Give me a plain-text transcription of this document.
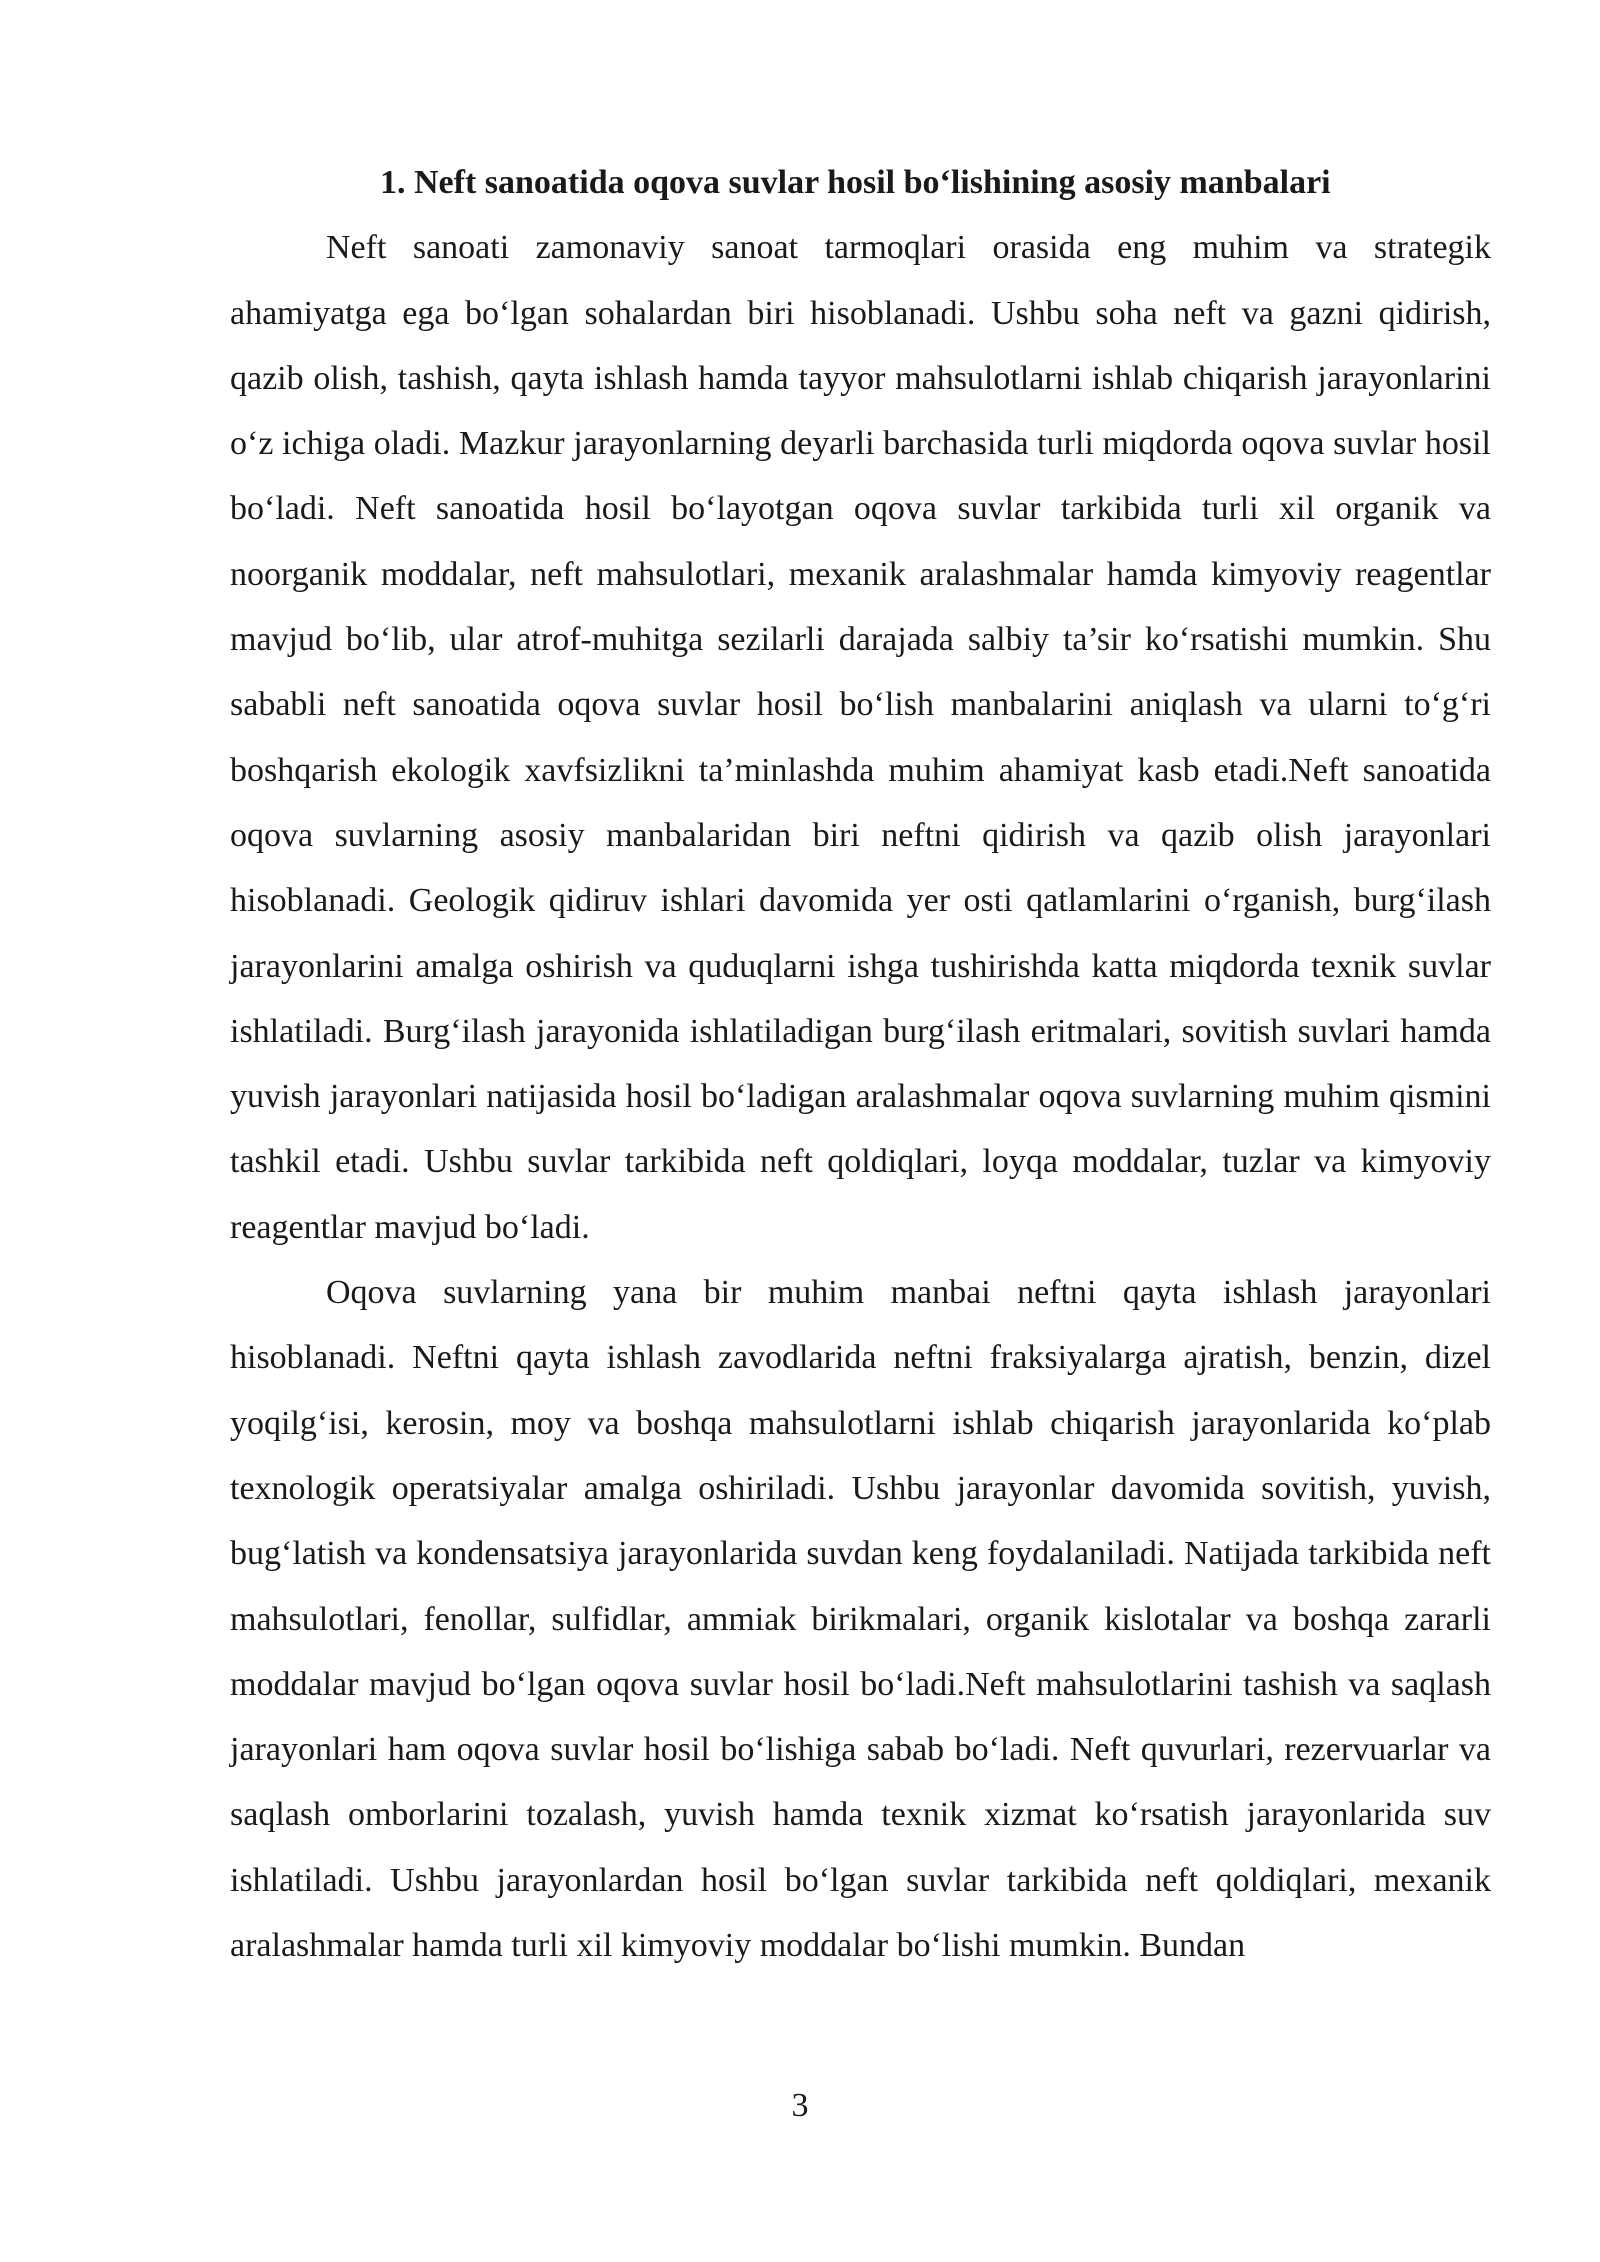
1. Neft sanoatida oqova suvlar hosil bo‘lishining asosiy manbalari

Neft sanoati zamonaviy sanoat tarmoqlari orasida eng muhim va strategik ahamiyatga ega bo‘lgan sohalardan biri hisoblanadi. Ushbu soha neft va gazni qidirish, qazib olish, tashish, qayta ishlash hamda tayyor mahsulotlarni ishlab chiqarish jarayonlarini o‘z ichiga oladi. Mazkur jarayonlarning deyarli barchasida turli miqdorda oqova suvlar hosil bo‘ladi. Neft sanoatida hosil bo‘layotgan oqova suvlar tarkibida turli xil organik va noorganik moddalar, neft mahsulotlari, mexanik aralashmalar hamda kimyoviy reagentlar mavjud bo‘lib, ular atrof-muhitga sezilarli darajada salbiy ta’sir ko‘rsatishi mumkin. Shu sababli neft sanoatida oqova suvlar hosil bo‘lish manbalarini aniqlash va ularni to‘g‘ri boshqarish ekologik xavfsizlikni ta’minlashda muhim ahamiyat kasb etadi.Neft sanoatida oqova suvlarning asosiy manbalaridan biri neftni qidirish va qazib olish jarayonlari hisoblanadi. Geologik qidiruv ishlari davomida yer osti qatlamlarini o‘rganish, burg‘ilash jarayonlarini amalga oshirish va quduqlarni ishga tushirishda katta miqdorda texnik suvlar ishlatiladi. Burg‘ilash jarayonida ishlatiladigan burg‘ilash eritmalari, sovitish suvlari hamda yuvish jarayonlari natijasida hosil bo‘ladigan aralashmalar oqova suvlarning muhim qismini tashkil etadi. Ushbu suvlar tarkibida neft qoldiqlari, loyqa moddalar, tuzlar va kimyoviy reagentlar mavjud bo‘ladi.

Oqova suvlarning yana bir muhim manbai neftni qayta ishlash jarayonlari hisoblanadi. Neftni qayta ishlash zavodlarida neftni fraksiyalarga ajratish, benzin, dizel yoqilg‘isi, kerosin, moy va boshqa mahsulotlarni ishlab chiqarish jarayonlarida ko‘plab texnologik operatsiyalar amalga oshiriladi. Ushbu jarayonlar davomida sovitish, yuvish, bug‘latish va kondensatsiya jarayonlarida suvdan keng foydalaniladi. Natijada tarkibida neft mahsulotlari, fenollar, sulfidlar, ammiak birikmalari, organik kislotalar va boshqa zararli moddalar mavjud bo‘lgan oqova suvlar hosil bo‘ladi.Neft mahsulotlarini tashish va saqlash jarayonlari ham oqova suvlar hosil bo‘lishiga sabab bo‘ladi. Neft quvurlari, rezervuarlar va saqlash omborlarini tozalash, yuvish hamda texnik xizmat ko‘rsatish jarayonlarida suv ishlatiladi. Ushbu jarayonlardan hosil bo‘lgan suvlar tarkibida neft qoldiqlari, mexanik aralashmalar hamda turli xil kimyoviy moddalar bo‘lishi mumkin. Bundan

3
